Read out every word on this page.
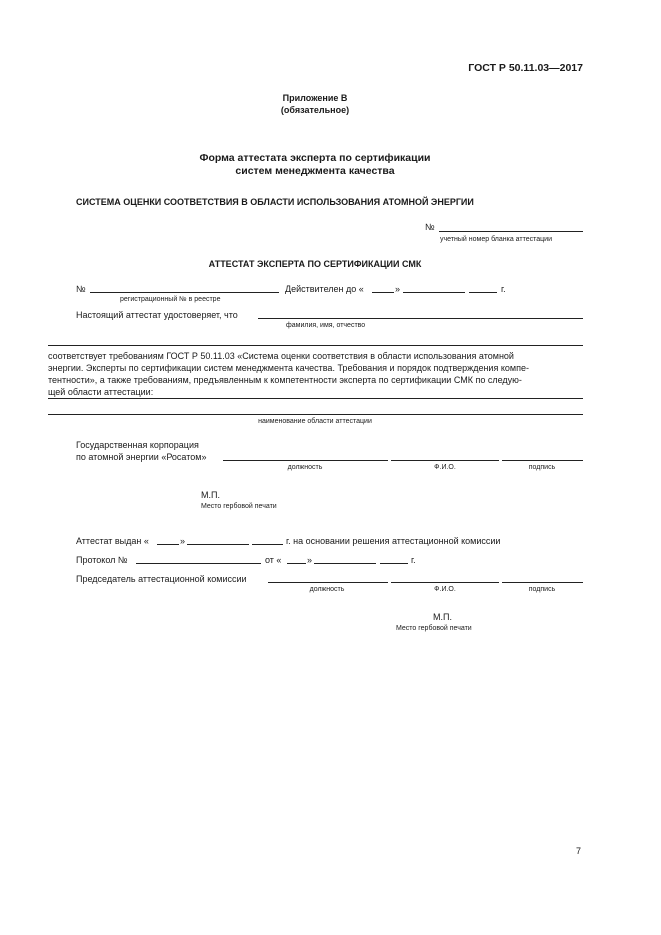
ГОСТ Р 50.11.03—2017
Приложение В
(обязательное)
Форма аттестата эксперта по сертификации
систем менеджмента качества
СИСТЕМА ОЦЕНКИ СООТВЕТСТВИЯ В ОБЛАСТИ ИСПОЛЬЗОВАНИЯ АТОМНОЙ ЭНЕРГИИ
№
учетный номер бланка аттестации
АТТЕСТАТ ЭКСПЕРТА ПО СЕРТИФИКАЦИИ СМК
№	Действителен до «	»	г.
регистрационный № в реестре
Настоящий аттестат удостоверяет, что
фамилия, имя, отчество
соответствует требованиям ГОСТ Р 50.11.03 «Система оценки соответствия в области использования атомной
энергии. Эксперты по сертификации систем менеджмента качества. Требования и порядок подтверждения компе-
тентности», а также требованиям, предъявленным к компетентности эксперта по сертификации СМК по следую-
щей области аттестации:
наименование области аттестации
Государственная корпорация
по атомной энергии «Росатом»
должность	Ф.И.О.	подпись
М.П.
Место гербовой печати
Аттестат выдан «	»	г. на основании решения аттестационной комиссии
Протокол №	от «	»	г.
Председатель аттестационной комиссии
должность	Ф.И.О.	подпись
М.П.
Место гербовой печати
7
